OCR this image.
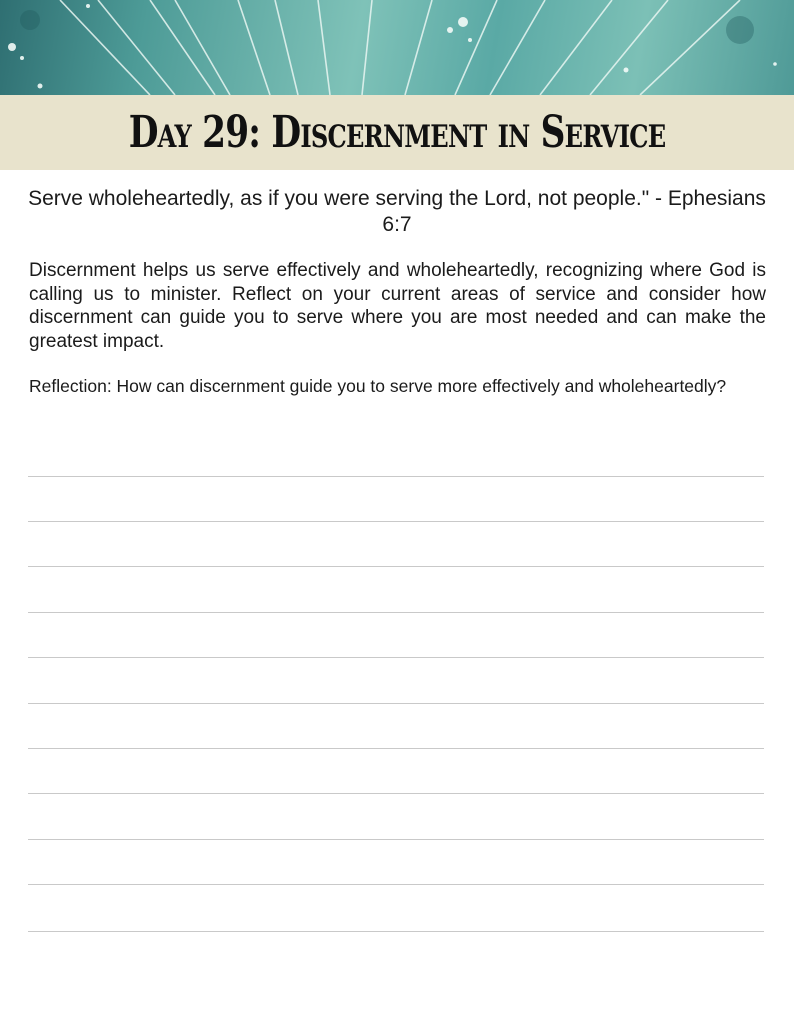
Day 29: Discernment in Service

Serve wholeheartedly, as if you were serving the Lord, not people." - Ephesians 6:7

Discernment helps us serve effectively and wholeheartedly, recognizing where God is calling us to minister. Reflect on your current areas of service and consider how discernment can guide you to serve where you are most needed and can make the greatest impact.

Reflection: How can discernment guide you to serve more effectively and wholeheartedly?
